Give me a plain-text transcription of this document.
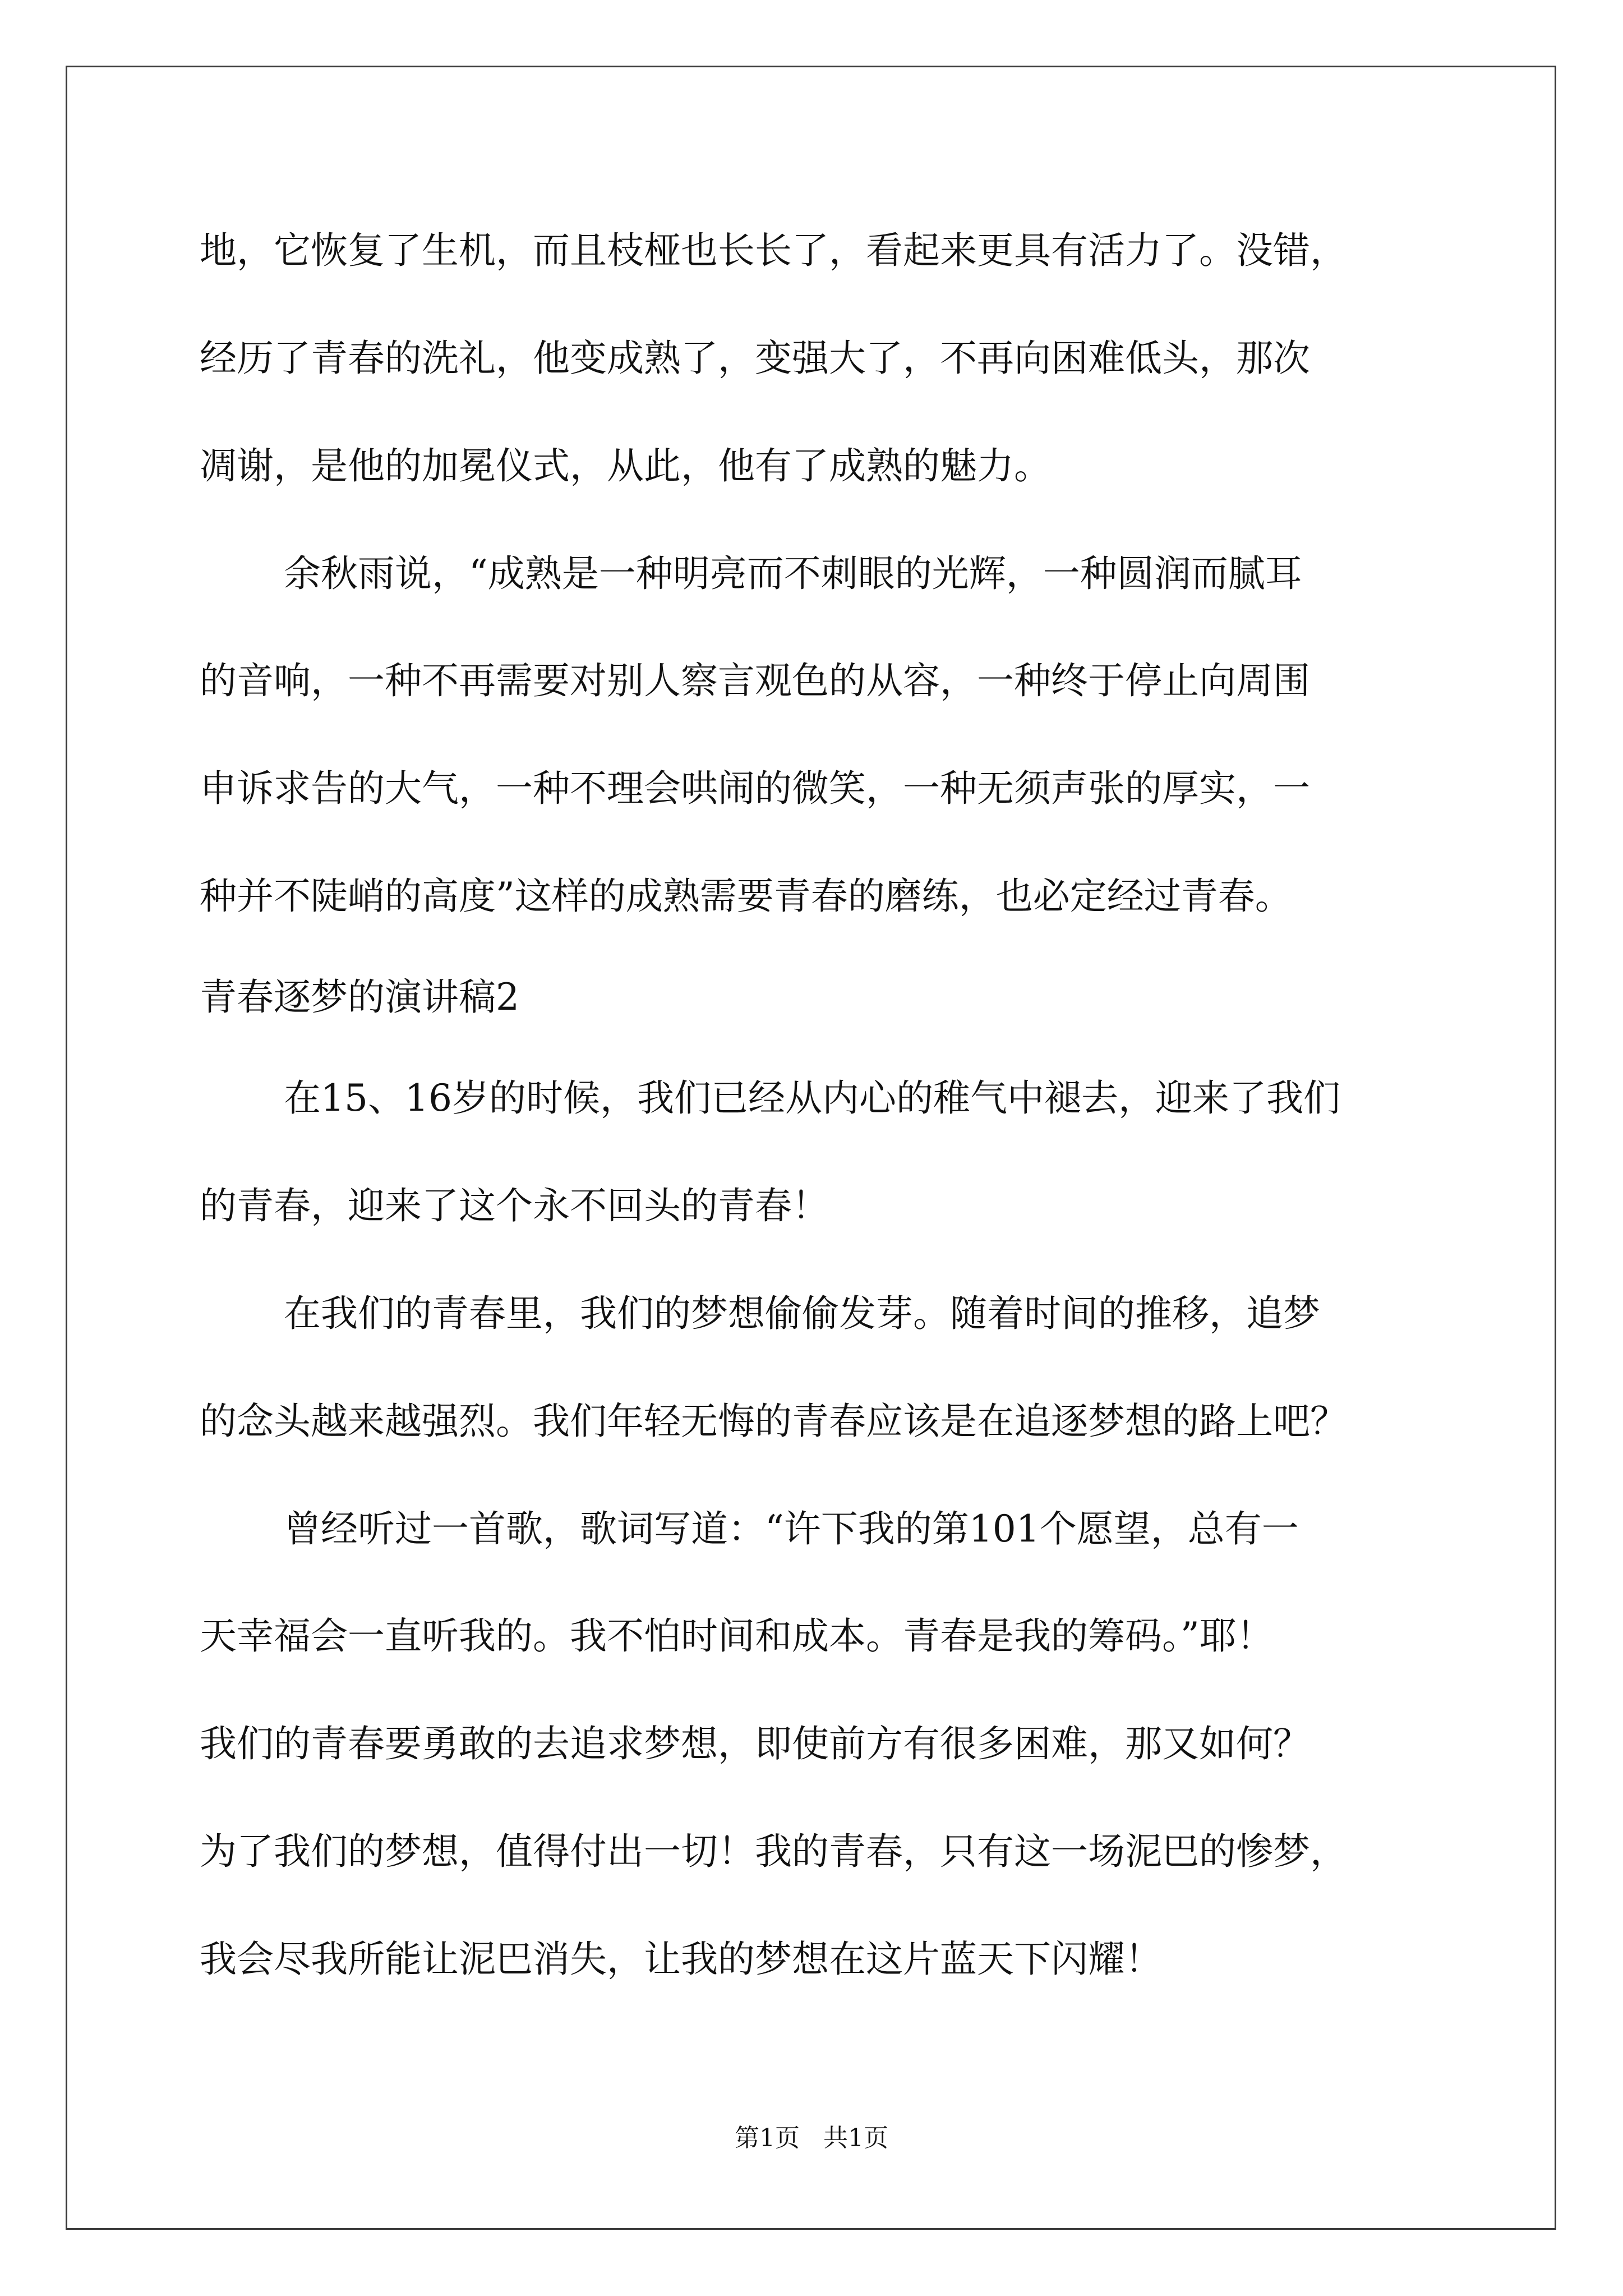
地，它恢复了生机，而且枝桠也长长了，看起来更具有活力了。没错，

经历了青春的洗礼，他变成熟了，变强大了，不再向困难低头，那次

凋谢，是他的加冕仪式，从此，他有了成熟的魅力。

余秋雨说，“成熟是一种明亮而不刺眼的光辉，一种圆润而腻耳

的音响，一种不再需要对别人察言观色的从容，一种终于停止向周围

申诉求告的大气，一种不理会哄闹的微笑，一种无须声张的厚实，一

种并不陡峭的高度”这样的成熟需要青春的磨练，也必定经过青春。

青春逐梦的演讲稿2

在15、16岁的时候，我们已经从内心的稚气中褪去，迎来了我们

的青春，迎来了这个永不回头的青春！

在我们的青春里，我们的梦想偷偷发芽。随着时间的推移，追梦

的念头越来越强烈。我们年轻无悔的青春应该是在追逐梦想的路上吧？

曾经听过一首歌，歌词写道：“许下我的第101个愿望，总有一

天幸福会一直听我的。我不怕时间和成本。青春是我的筹码。”耶！

我们的青春要勇敢的去追求梦想，即使前方有很多困难，那又如何？

为了我们的梦想，值得付出一切！我的青春，只有这一场泥巴的惨梦，

我会尽我所能让泥巴消失，让我的梦想在这片蓝天下闪耀！

第1页 共1页
